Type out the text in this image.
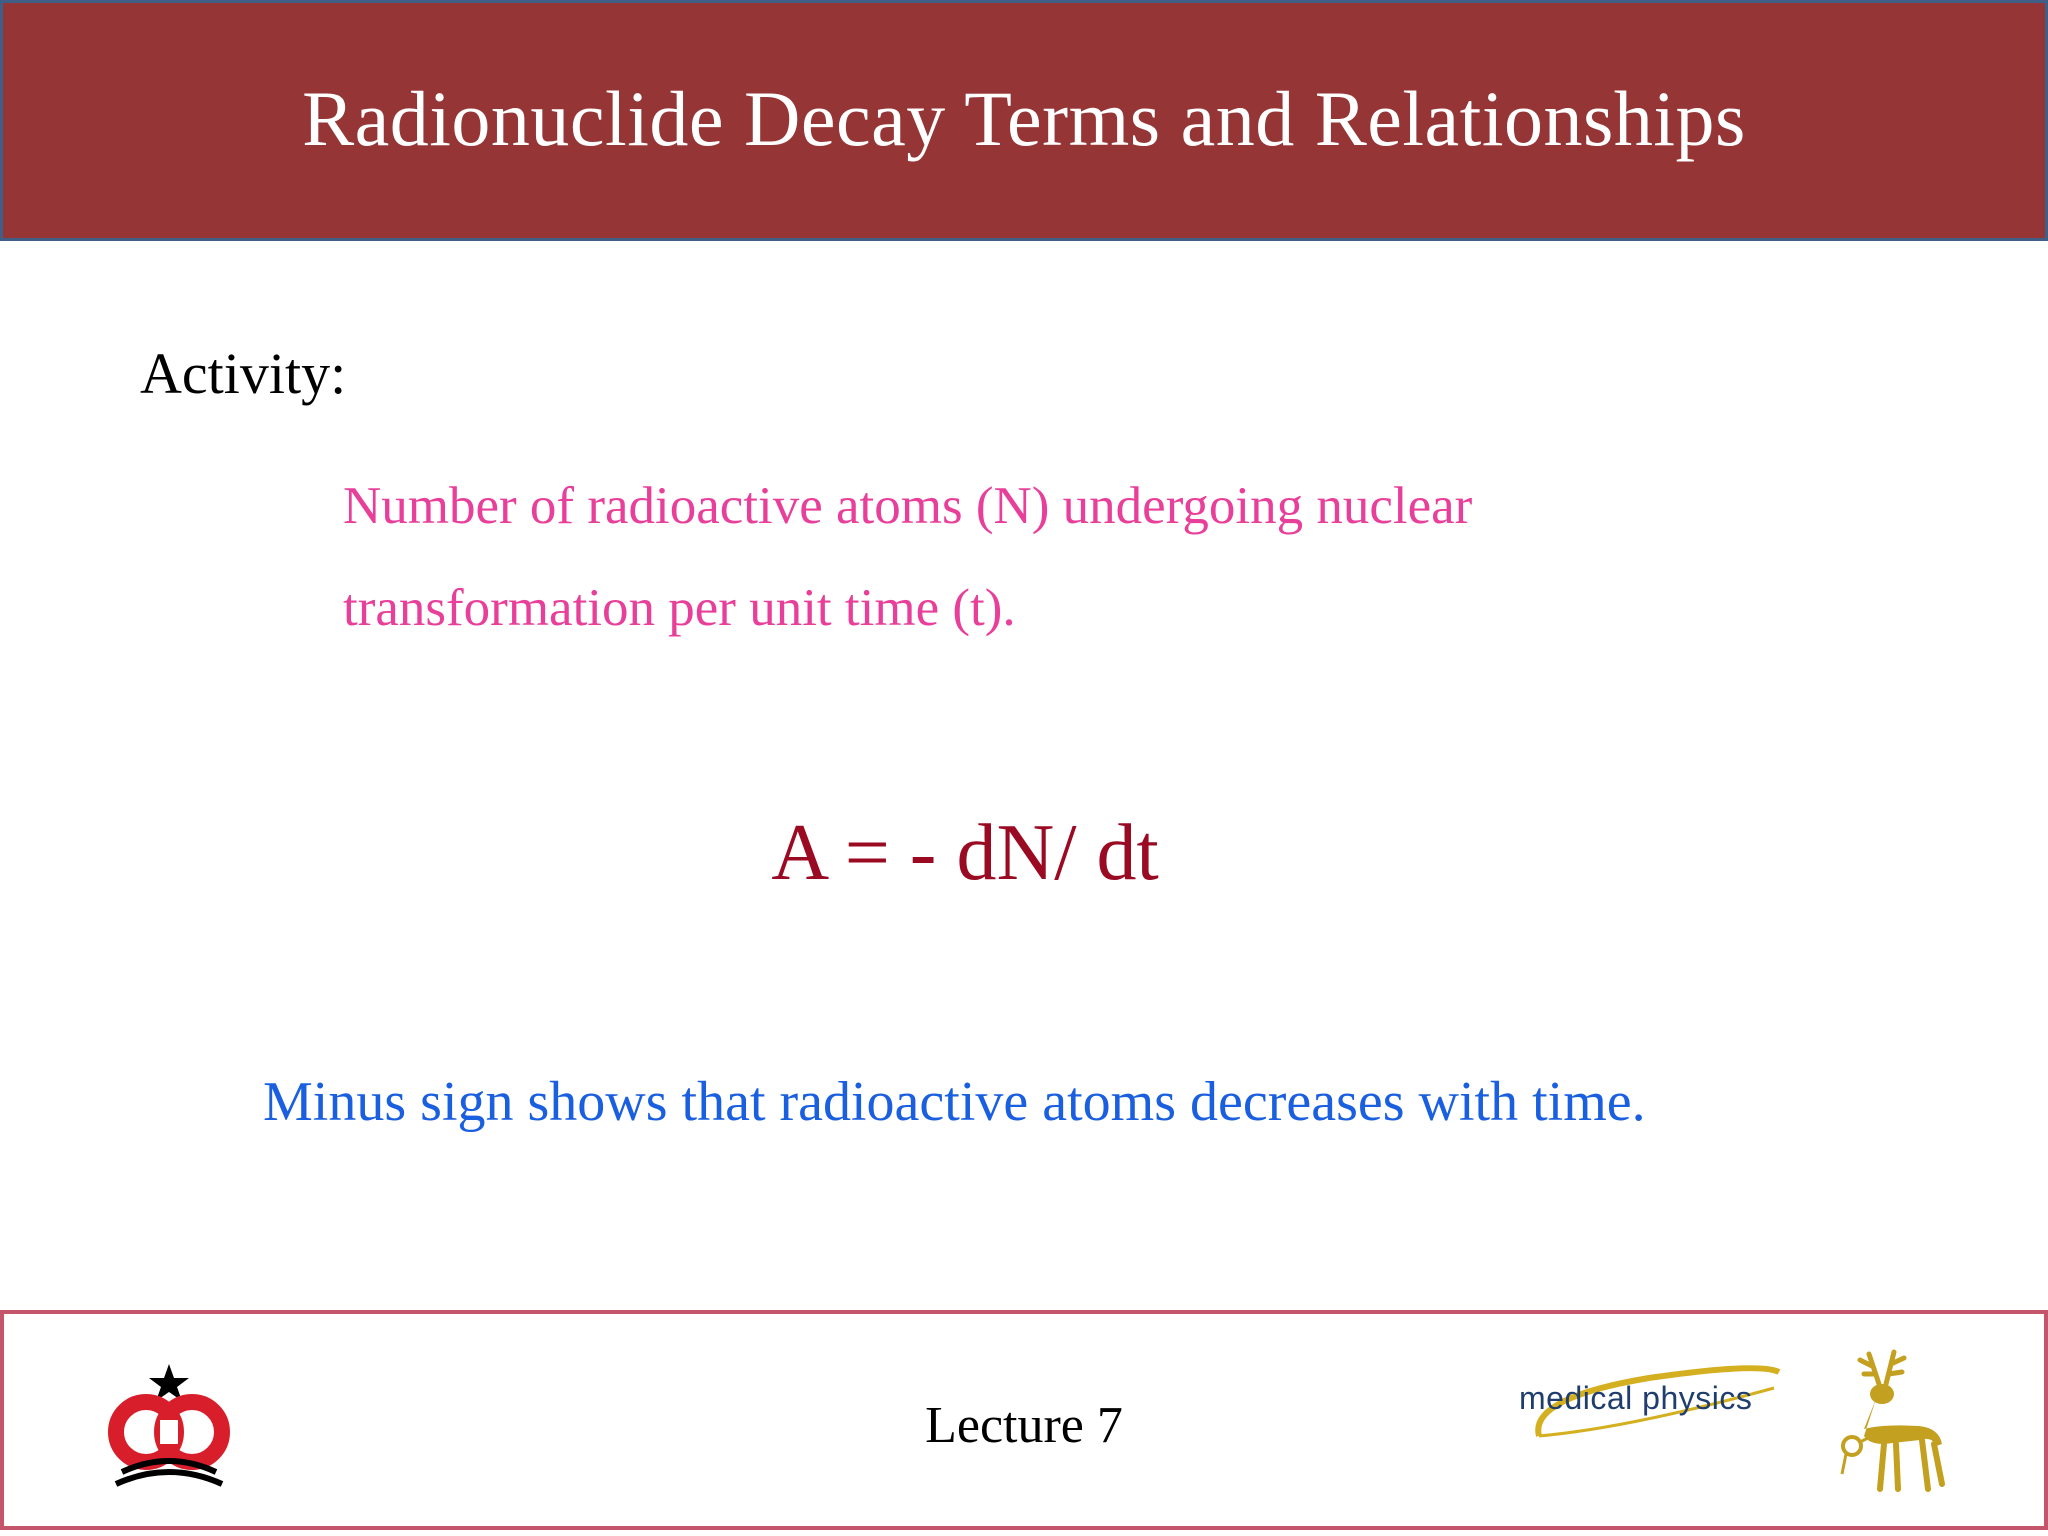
Radionuclide Decay Terms and Relationships
Activity:
Number of radioactive atoms (N) undergoing nuclear
transformation per unit time (t).
A = - dN/ dt
Minus sign shows that radioactive atoms decreases with time.
Lecture 7	medical physics
